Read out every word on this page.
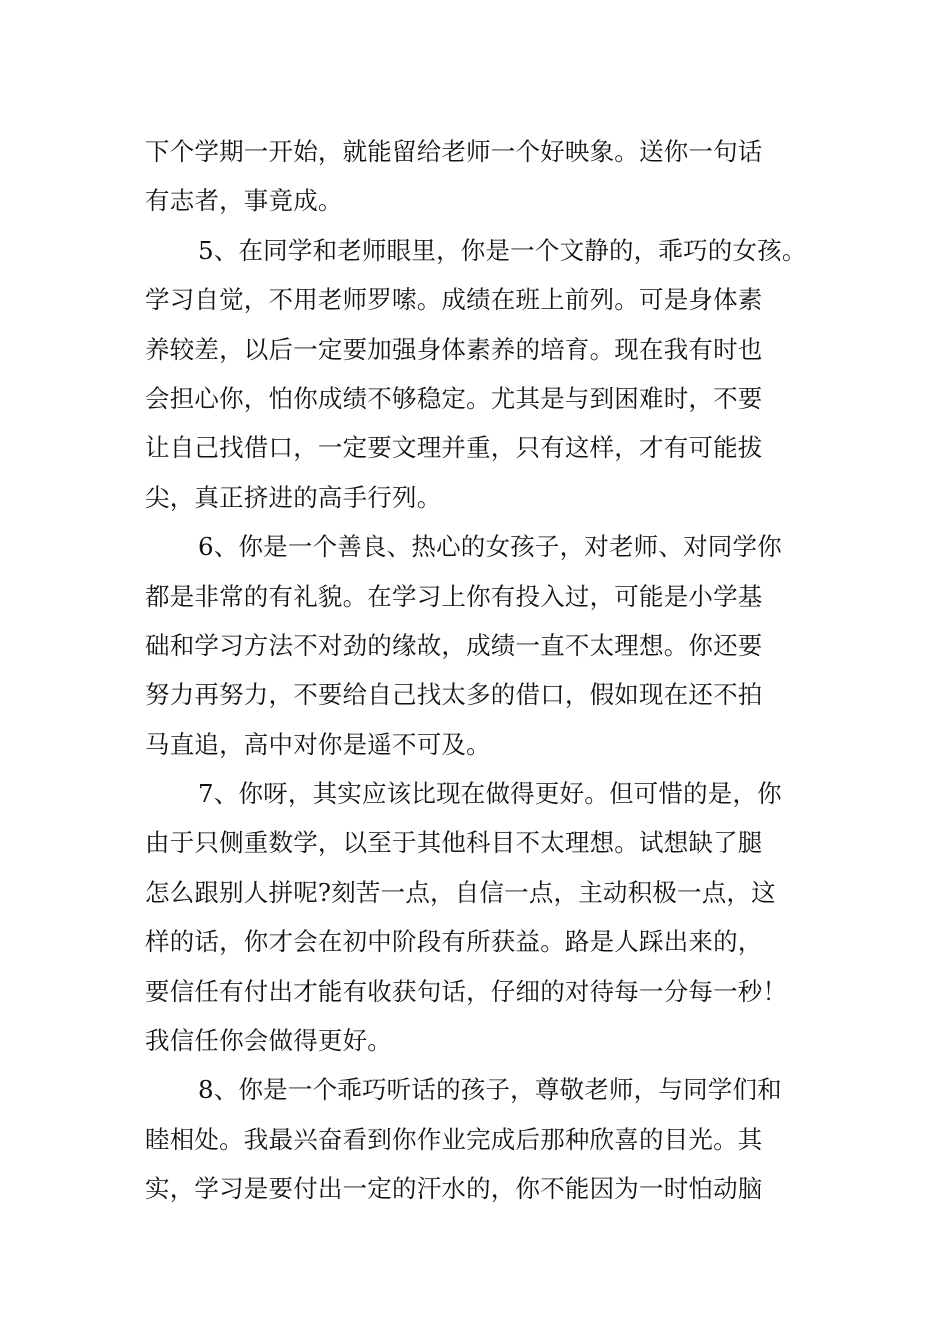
下个学期一开始，就能留给老师一个好映象。送你一句话
有志者，事竟成。
5、在同学和老师眼里，你是一个文静的，乖巧的女孩。
学习自觉，不用老师罗嗦。成绩在班上前列。可是身体素
养较差，以后一定要加强身体素养的培育。现在我有时也
会担心你，怕你成绩不够稳定。尤其是与到困难时，不要
让自己找借口，一定要文理并重，只有这样，才有可能拔
尖，真正挤进的高手行列。
6、你是一个善良、热心的女孩子，对老师、对同学你
都是非常的有礼貌。在学习上你有投入过，可能是小学基
础和学习方法不对劲的缘故，成绩一直不太理想。你还要
努力再努力，不要给自己找太多的借口，假如现在还不拍
马直追，高中对你是遥不可及。
7、你呀，其实应该比现在做得更好。但可惜的是，你
由于只侧重数学，以至于其他科目不太理想。试想缺了腿
怎么跟别人拼呢?刻苦一点，自信一点，主动积极一点，这
样的话，你才会在初中阶段有所获益。路是人踩出来的，
要信任有付出才能有收获句话，仔细的对待每一分每一秒！
我信任你会做得更好。
8、你是一个乖巧听话的孩子，尊敬老师，与同学们和
睦相处。我最兴奋看到你作业完成后那种欣喜的目光。其
实，学习是要付出一定的汗水的，你不能因为一时怕动脑
